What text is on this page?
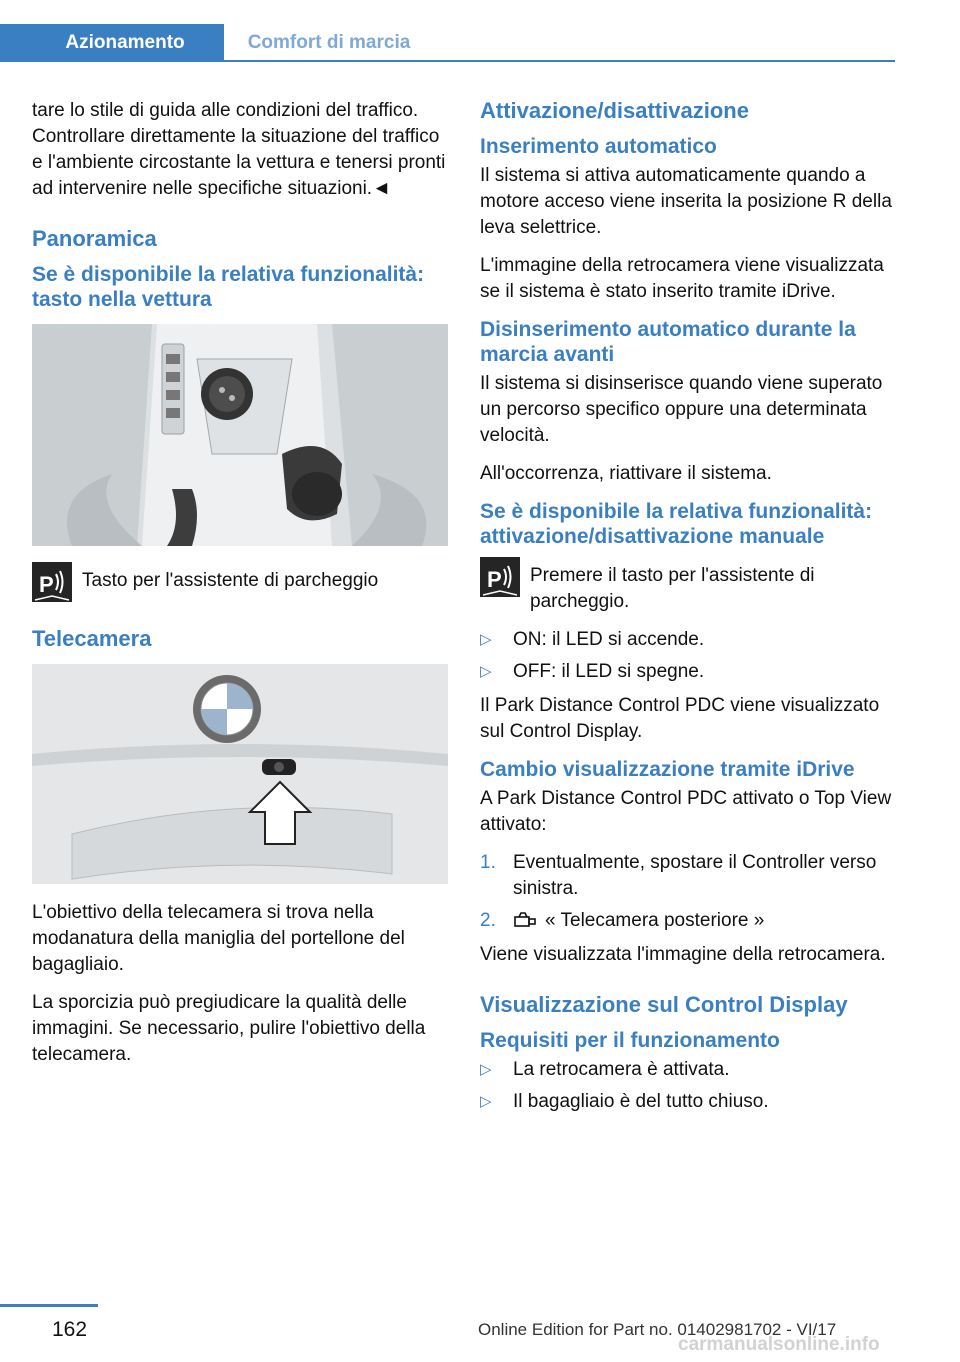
Azionamento	Comfort di marcia

tare lo stile di guida alle condizioni del traffico. Controllare direttamente la situazione del traffico e l'ambiente circostante la vettura e tenersi pronti ad intervenire nelle specifiche situazioni.◄

Panoramica
Se è disponibile la relativa funzionalità: tasto nella vettura
P Tasto per l'assistente di parcheggio

Telecamera

L'obiettivo della telecamera si trova nella modanatura della maniglia del portellone del bagagliaio.

La sporcizia può pregiudicare la qualità delle immagini. Se necessario, pulire l'obiettivo della telecamera.

Attivazione/disattivazione
Inserimento automatico

Il sistema si attiva automaticamente quando a motore acceso viene inserita la posizione R della leva selettrice.

L'immagine della retrocamera viene visualizzata se il sistema è stato inserito tramite iDrive.

Disinserimento automatico durante la marcia avanti

Il sistema si disinserisce quando viene superato un percorso specifico oppure una determinata velocità.

All'occorrenza, riattivare il sistema.

Se è disponibile la relativa funzionalità: attivazione/disattivazione manuale
P Premere il tasto per l'assistente di parcheggio.

▷ ON: il LED si accende.
▷ OFF: il LED si spegne.

Il Park Distance Control PDC viene visualizzato sul Control Display.

Cambio visualizzazione tramite iDrive

A Park Distance Control PDC attivato o Top View attivato:

1. Eventualmente, spostare il Controller verso sinistra.
2.	« Telecamera posteriore »

Viene visualizzata l'immagine della retrocamera.

Visualizzazione sul Control Display
Requisiti per il funzionamento
▷ La retrocamera è attivata.
▷ Il bagagliaio è del tutto chiuso.
162	Online Edition for Part no. 01402981702 - VI/17
carmanualsonline.info
